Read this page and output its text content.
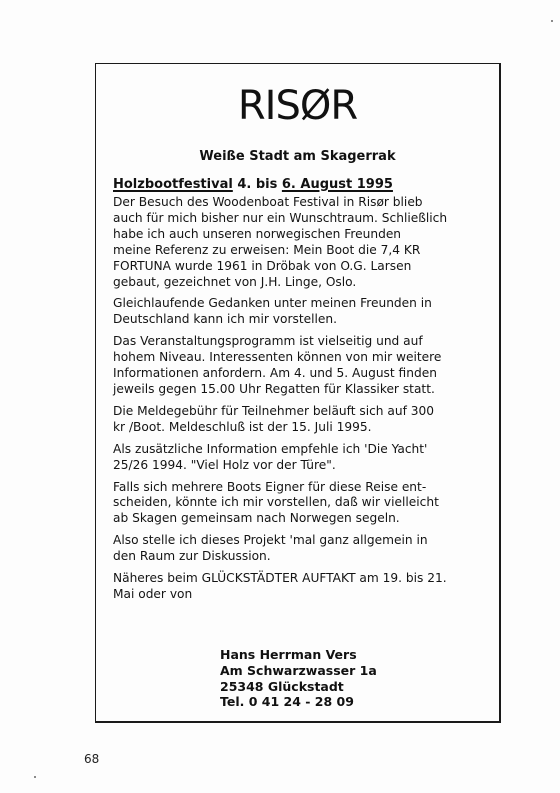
RISØR
Weiße Stadt am Skagerrak
Holzbootfestival 4. bis 6. August 1995

Der Besuch des Woodenboat Festival in Risør blieb
auch für mich bisher nur ein Wunschtraum. Schließlich
habe ich auch unseren norwegischen Freunden
meine Referenz zu erweisen: Mein Boot die 7,4 KR
FORTUNA wurde 1961 in Dröbak von O.G. Larsen
gebaut, gezeichnet von J.H. Linge, Oslo.

Gleichlaufende Gedanken unter meinen Freunden in
Deutschland kann ich mir vorstellen.

Das Veranstaltungsprogramm ist vielseitig und auf
hohem Niveau. Interessenten können von mir weitere
Informationen anfordern. Am 4. und 5. August finden
jeweils gegen 15.00 Uhr Regatten für Klassiker statt.

Die Meldegebühr für Teilnehmer beläuft sich auf 300
kr /Boot. Meldeschluß ist der 15. Juli 1995.

Als zusätzliche Information empfehle ich 'Die Yacht'
25/26 1994. "Viel Holz vor der Türe".

Falls sich mehrere Boots Eigner für diese Reise ent-
scheiden, könnte ich mir vorstellen, daß wir vielleicht
ab Skagen gemeinsam nach Norwegen segeln.

Also stelle ich dieses Projekt 'mal ganz allgemein in
den Raum zur Diskussion.

Näheres beim GLÜCKSTÄDTER AUFTAKT am 19. bis 21.
Mai oder von

Hans Herrman Vers
Am Schwarzwasser 1a
25348 Glückstadt
Tel. 0 41 24 - 28 09
68
